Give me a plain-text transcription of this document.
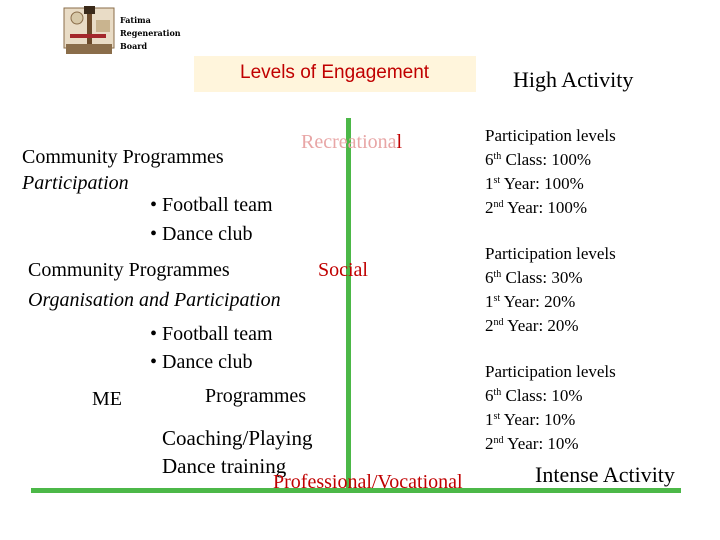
Fatima
Regeneration
Board
Levels of Engagement	High Activity
Recreational
Community Programmes
Participation
• Football team
• Dance club
Social
Community Programmes
Organisation and Participation
• Football team
• Dance club
ME	Programmes
Coaching/Playing
Dance training
Professional/Vocational
Participation levels
6th Class: 100%
1st Year: 100%
2nd Year: 100%
Participation levels
6th Class: 30%
1st Year: 20%
2nd Year: 20%
Participation levels
6th Class: 10%
1st Year: 10%
2nd Year: 10%
Intense Activity
